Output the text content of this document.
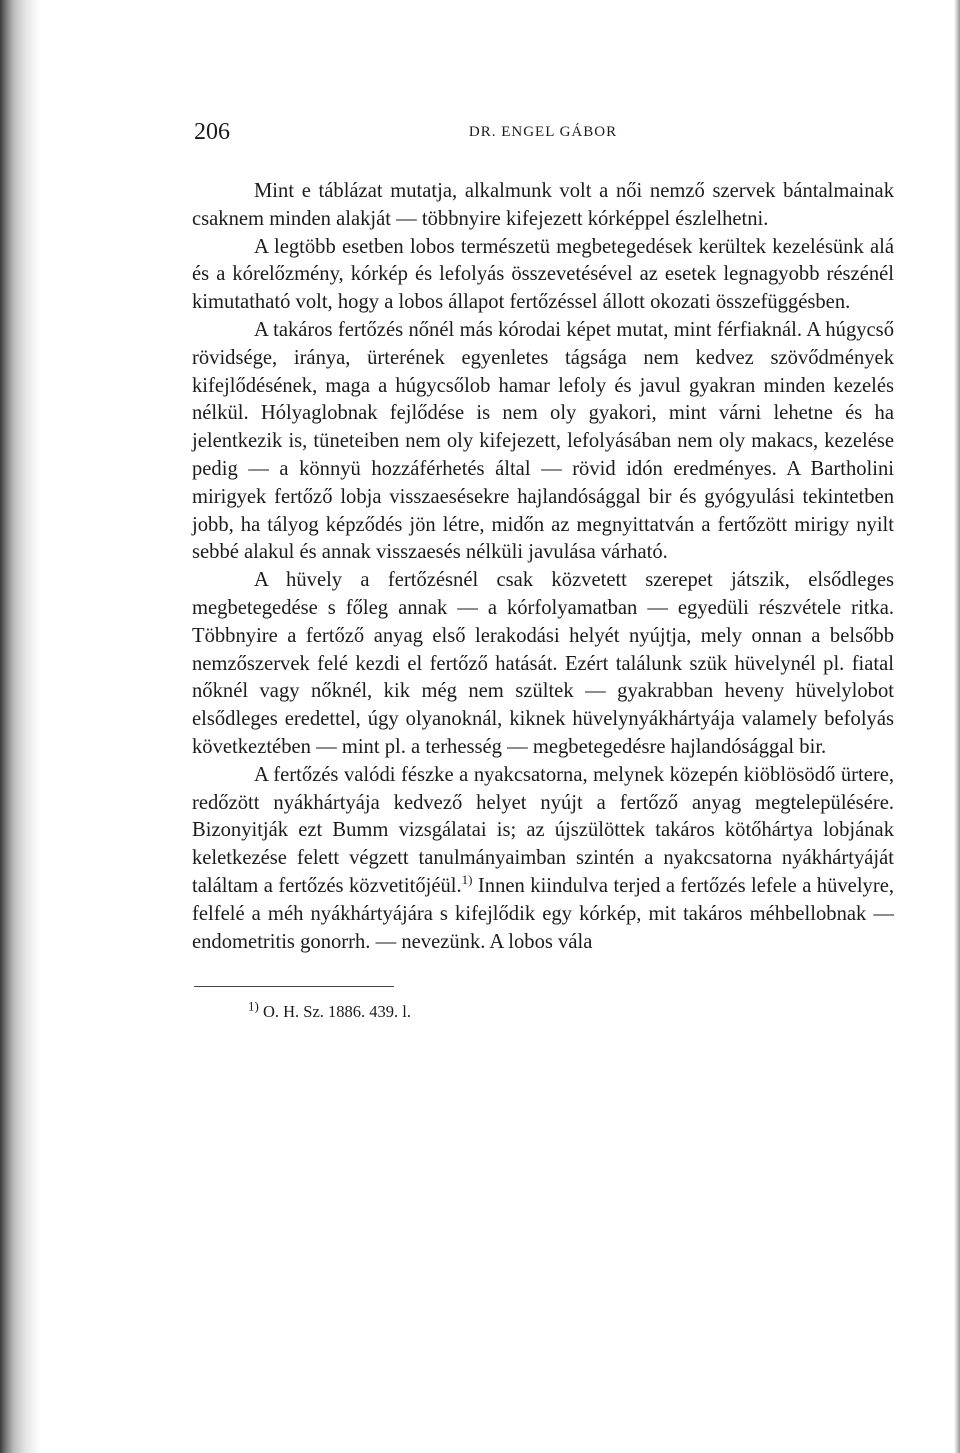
206	DR. ENGEL GÁBOR

Mint e táblázat mutatja, alkalmunk volt a női nemző szervek bántalmainak csaknem minden alakját — többnyire kifejezett kórképpel észlelhetni.

A legtöbb esetben lobos természetü megbetegedések kerültek kezelésünk alá és a kórelőzmény, kórkép és lefolyás összevetésével az esetek legnagyobb részénél kimutatható volt, hogy a lobos állapot fertőzéssel állott okozati összefüggésben.

A takáros fertőzés nőnél más kórodai képet mutat, mint férfiaknál. A húgycső rövidsége, iránya, ürterének egyenletes tágsága nem kedvez szövődmények kifejlődésének, maga a húgycsőlob hamar lefoly és javul gyakran minden kezelés nélkül. Hólyaglobnak fejlődése is nem oly gyakori, mint várni lehetne és ha jelentkezik is, tüneteiben nem oly kifejezett, lefolyásában nem oly makacs, kezelése pedig — a könnyü hozzáférhetés által — rövid idón eredményes. A Bartholini mirigyek fertőző lobja visszaesésekre hajlandósággal bir és gyógyulási tekintetben jobb, ha tályog képződés jön létre, midőn az megnyittatván a fertőzött mirigy nyilt sebbé alakul és annak visszaesés nélküli javulása várható.

A hüvely a fertőzésnél csak közvetett szerepet játszik, elsődleges megbetegedése s főleg annak — a kórfolyamatban — egyedüli részvétele ritka. Többnyire a fertőző anyag első lerakodási helyét nyújtja, mely onnan a belsőbb nemzőszervek felé kezdi el fertőző hatását. Ezért találunk szük hüvelynél pl. fiatal nőknél vagy nőknél, kik még nem szültek — gyakrabban heveny hüvelylobot elsődleges eredettel, úgy olyanoknál, kiknek hüvelynyákhártyája valamely befolyás következtében — mint pl. a terhesség — megbetegedésre hajlandósággal bir.

A fertőzés valódi fészke a nyakcsatorna, melynek közepén kiöblösödő ürtere, redőzött nyákhártyája kedvező helyet nyújt a fertőző anyag megtelepülésére. Bizonyitják ezt Bumm vizsgálatai is; az újszülöttek takáros kötőhártya lobjának keletkezése felett végzett tanulmányaimban szintén a nyakcsatorna nyákhártyáját találtam a fertőzés közvetitőjéül.$^{1)}$ Innen kiindulva terjed a fertőzés lefele a hüvelyre, felfelé a méh nyákhártyájára s kifejlődik egy kórkép, mit takáros méhbellobnak — endometritis gonorrh. — nevezünk. A lobos vála

$^{1)}$ O. H. Sz. 1886. 439. l.
